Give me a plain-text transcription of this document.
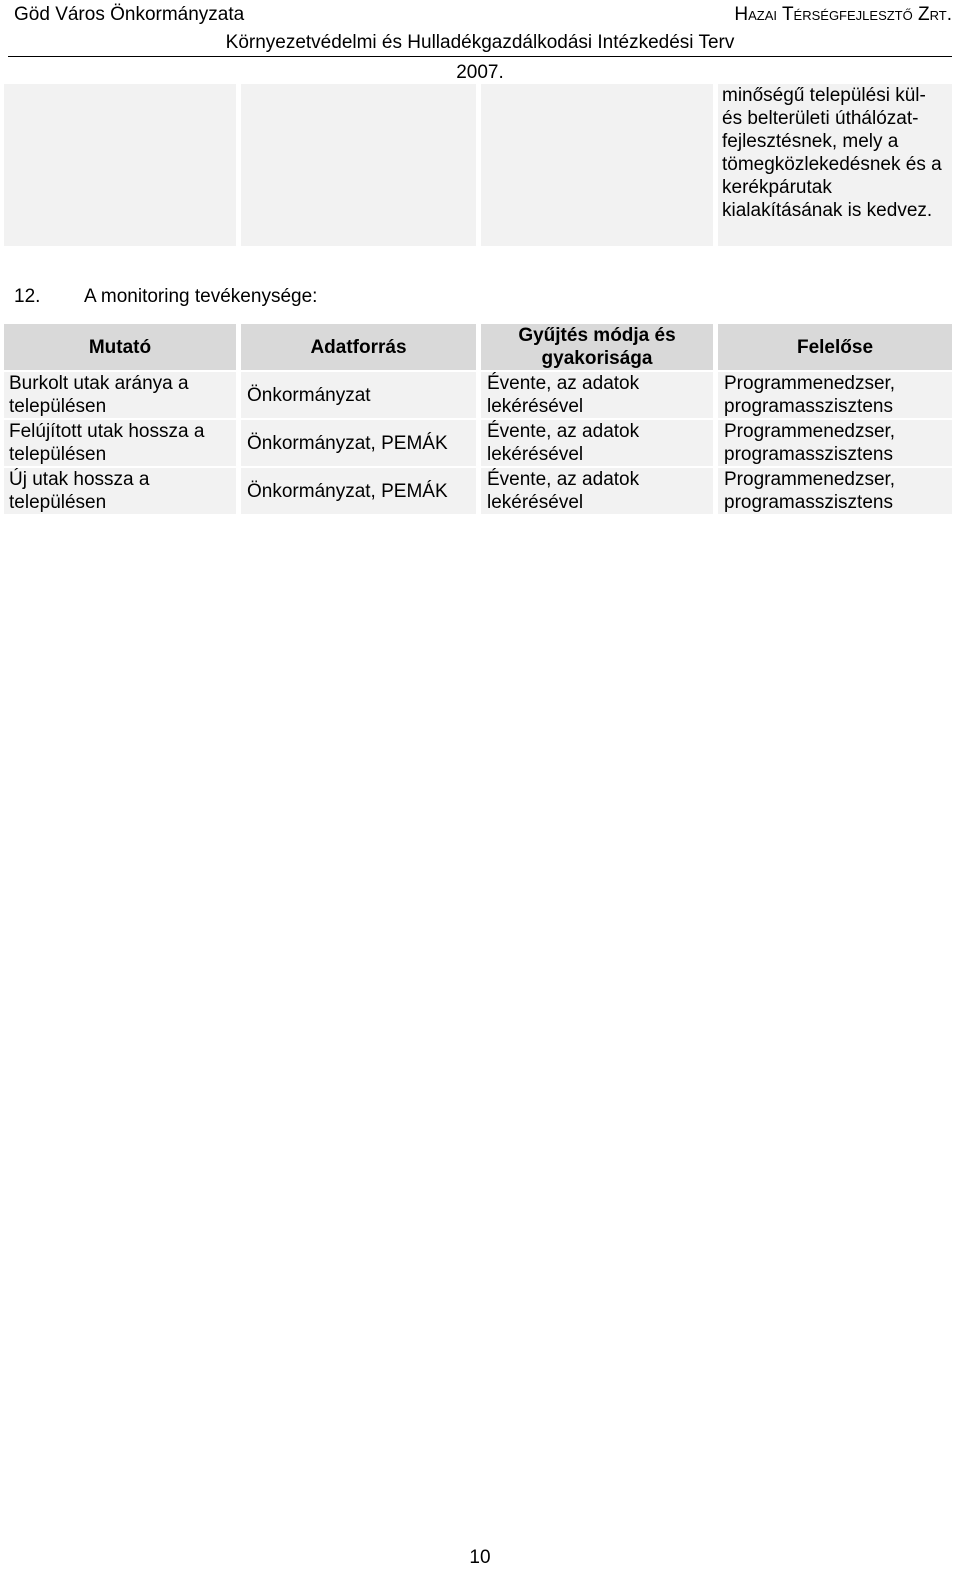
Göd Város Önkormányzata	Hazai Térségfejlesztő Zrt.
Környezetvédelmi és Hulladékgazdálkodási Intézkedési Terv
2007.
minőségű települési kül- és belterületi úthálózat-fejlesztésnek, mely a tömegközlekedésnek és a kerékpárutak kialakításának is kedvez.
12. A monitoring tevékenysége:
Mutató	Adatforrás
Gyűjtés módja és gyakorisága
Felelőse
Burkolt utak aránya a településen
Önkormányzat
Évente, az adatok lekérésével
Programmenedzser, programasszisztens
Felújított utak hossza a településen
Önkormányzat, PEMÁK
Évente, az adatok lekérésével
Programmenedzser, programasszisztens
Új utak hossza a településen
Önkormányzat, PEMÁK
Évente, az adatok lekérésével
Programmenedzser, programasszisztens
10
